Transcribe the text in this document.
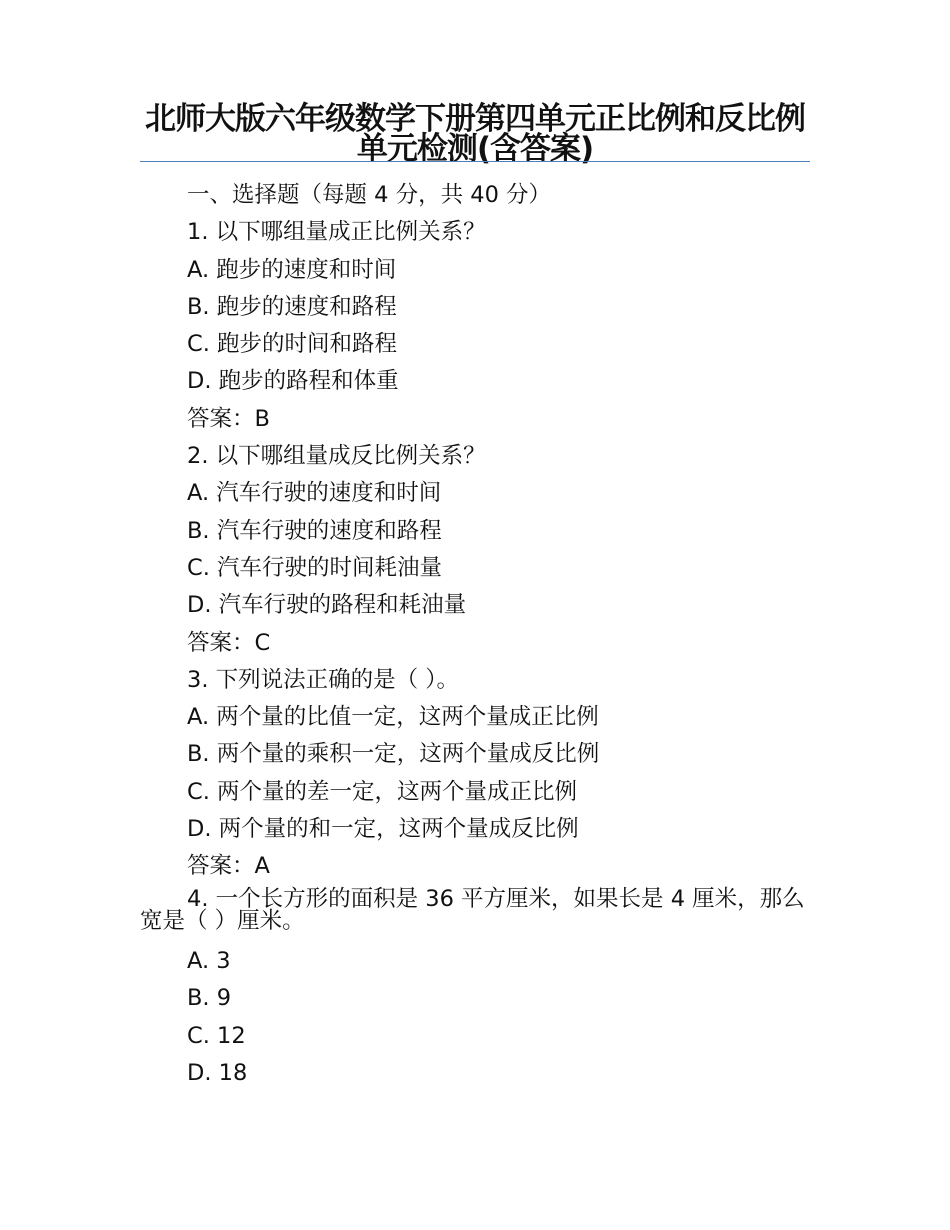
北师大版六年级数学下册第四单元正比例和反比例单元检测(含答案)
一、选择题（每题 4 分，共 40 分）
1. 以下哪组量成正比例关系？
A. 跑步的速度和时间
B. 跑步的速度和路程
C. 跑步的时间和路程
D. 跑步的路程和体重
答案：B
2. 以下哪组量成反比例关系？
A. 汽车行驶的速度和时间
B. 汽车行驶的速度和路程
C. 汽车行驶的时间耗油量
D. 汽车行驶的路程和耗油量
答案：C
3. 下列说法正确的是（ ）。
A. 两个量的比值一定，这两个量成正比例
B. 两个量的乘积一定，这两个量成反比例
C. 两个量的差一定，这两个量成正比例
D. 两个量的和一定，这两个量成反比例
答案：A
4. 一个长方形的面积是 36 平方厘米，如果长是 4 厘米，那么宽是（ ）厘米。
A. 3
B. 9
C. 12
D. 18
